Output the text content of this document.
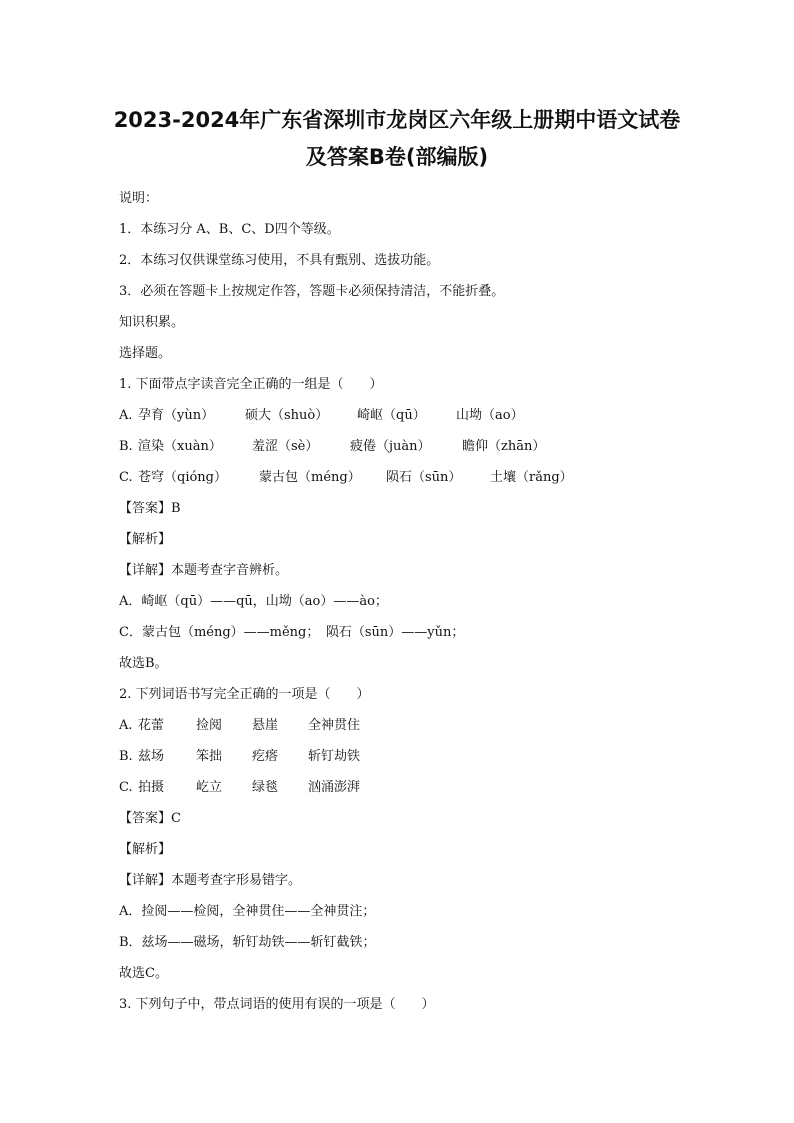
2023-2024年广东省深圳市龙岗区六年级上册期中语文试卷
及答案B卷(部编版)
说明：
1．本练习分 A、B、C、D四个等级。
2．本练习仅供课堂练习使用，不具有甄别、选拔功能。
3．必须在答题卡上按规定作答，答题卡必须保持清洁，不能折叠。
知识积累。
选择题。
1. 下面带点字读音完全正确的一组是（　　）
A. 孕育（yùn） 硕大（shuò） 崎岖（qū） 山坳（ao）
B. 渲染（xuàn） 羞涩（sè） 疲倦（juàn） 瞻仰（zhān）
C. 苍穹（qióng） 蒙古包（méng） 陨石（sūn） 土壤（rǎng）
【答案】B
【解析】
【详解】本题考查字音辨析。
A．崎岖（qū）——qū，山坳（ao）——ào；
C．蒙古包（méng）——měng；　陨石（sūn）——yǔn；
故选B。
2. 下列词语书写完全正确的一项是（　　）
A. 花蕾 捡阅 悬崖 全神贯住
B. 兹场 笨拙 疙瘩 斩钉劫铁
C. 拍摄 屹立 绿毯 汹涌澎湃
【答案】C
【解析】
【详解】本题考查字形易错字。
A．捡阅——检阅，全神贯住——全神贯注；
B．兹场——磁场，斩钉劫铁——斩钉截铁；
故选C。
3. 下列句子中，带点词语的使用有误的一项是（　　）
